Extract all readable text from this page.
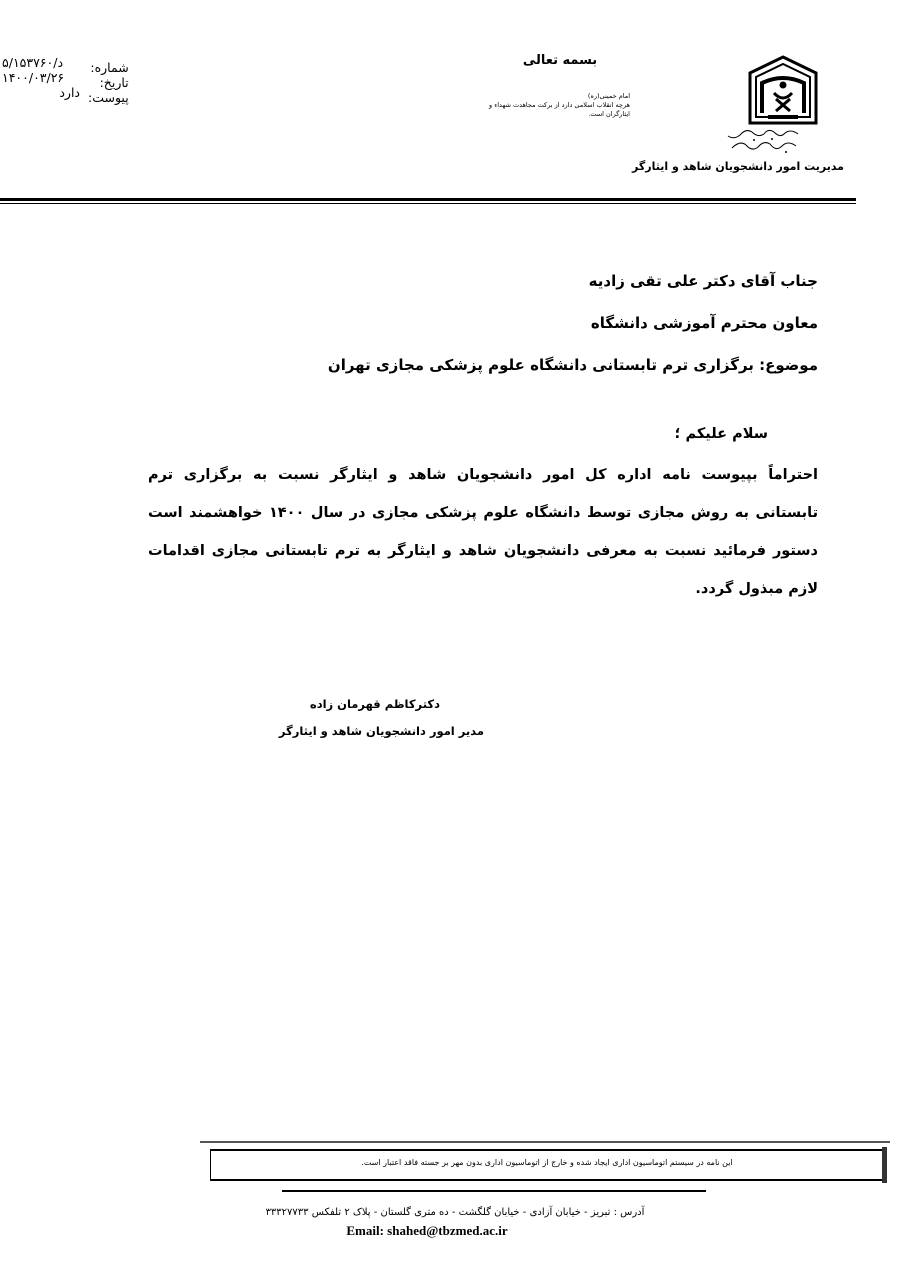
مدیریت امور دانشجویان شاهد و ایثارگر
بسمه تعالی
امام خمینی(ره)
هرچه انقلاب اسلامی دارد از برکت مجاهدت شهداء و
ایثارگران است.
شماره:
تاریخ:
پیوست:
۵/د/۱۵۳۷۶۰
۱۴۰۰/۰۳/۲۶
دارد
جناب آقای دکتر علی تقی زادیه
معاون محترم آموزشی دانشگاه
موضوع: برگزاری ترم تابستانی دانشگاه علوم پزشکی مجازی تهران
سلام علیکم ؛
احتراماً بپیوست نامه اداره کل امور دانشجویان شاهد و ایثارگر نسبت به برگزاری ترم
تابستانی به روش مجازی توسط دانشگاه علوم پزشکی مجازی در سال ۱۴۰۰ خواهشمند است
دستور فرمائید نسبت به معرفی دانشجویان شاهد و ایثارگر به ترم تابستانی مجازی اقدامات
لازم مبذول گردد.
دکترکاظم قهرمان زاده
مدیر امور دانشجویان شاهد و ایثارگر
این نامه در سیستم اتوماسیون اداری ایجاد شده و خارج از اتوماسیون اداری بدون مهر بر جسته فاقد اعتبار است.
آدرس : تبریز - خیابان آزادی - خیابان گلگشت - ده متری گلستان - پلاک ۲ تلفکس ۳۳۳۲۷۷۳۳
Email: shahed@tbzmed.ac.ir
